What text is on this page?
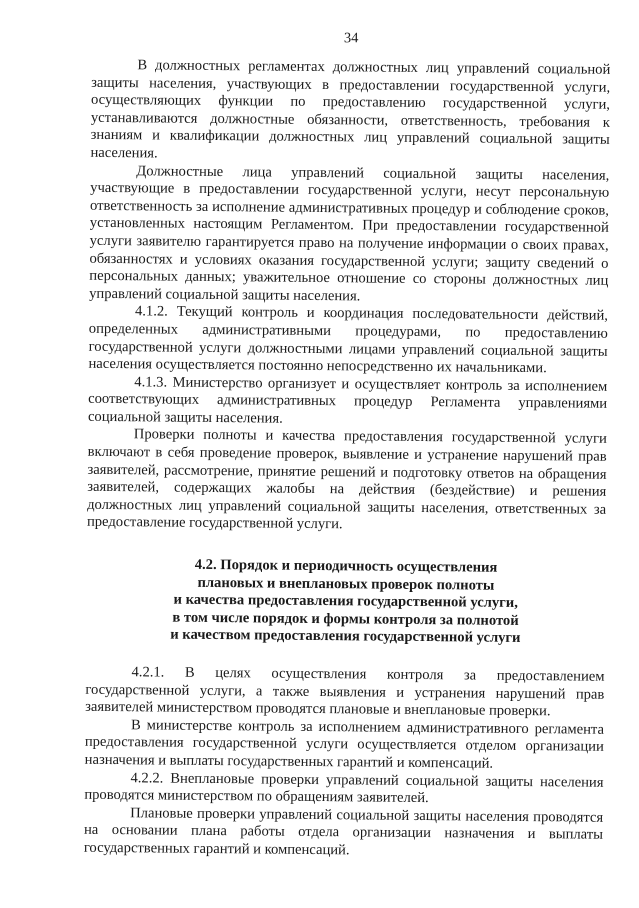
34

В должностных регламентах должностных лиц управлений социальной защиты населения, участвующих в предоставлении государственной услуги, осуществляющих функции по предоставлению государственной услуги, устанавливаются должностные обязанности, ответственность, требования к знаниям и квалификации должностных лиц управлений социальной защиты населения.

Должностные лица управлений социальной защиты населения, участвующие в предоставлении государственной услуги, несут персональную ответственность за исполнение административных процедур и соблюдение сроков, установленных настоящим Регламентом. При предоставлении государственной услуги заявителю гарантируется право на получение информации о своих правах, обязанностях и условиях оказания государственной услуги; защиту сведений о персональных данных; уважительное отношение со стороны должностных лиц управлений социальной защиты населения.

4.1.2. Текущий контроль и координация последовательности действий, определенных административными процедурами, по предоставлению государственной услуги должностными лицами управлений социальной защиты населения осуществляется постоянно непосредственно их начальниками.

4.1.3. Министерство организует и осуществляет контроль за исполнением соответствующих административных процедур Регламента управлениями социальной защиты населения.

Проверки полноты и качества предоставления государственной услуги включают в себя проведение проверок, выявление и устранение нарушений прав заявителей, рассмотрение, принятие решений и подготовку ответов на обращения заявителей, содержащих жалобы на действия (бездействие) и решения должностных лиц управлений социальной защиты населения, ответственных за предоставление государственной услуги.

4.2. Порядок и периодичность осуществления
плановых и внеплановых проверок полноты
и качества предоставления государственной услуги,
в том числе порядок и формы контроля за полнотой
и качеством предоставления государственной услуги

4.2.1. В целях осуществления контроля за предоставлением государственной услуги, а также выявления и устранения нарушений прав заявителей министерством проводятся плановые и внеплановые проверки.

В министерстве контроль за исполнением административного регламента предоставления государственной услуги осуществляется отделом организации назначения и выплаты государственных гарантий и компенсаций.

4.2.2. Внеплановые проверки управлений социальной защиты населения проводятся министерством по обращениям заявителей.

Плановые проверки управлений социальной защиты населения проводятся на основании плана работы отдела организации назначения и выплаты государственных гарантий и компенсаций.
